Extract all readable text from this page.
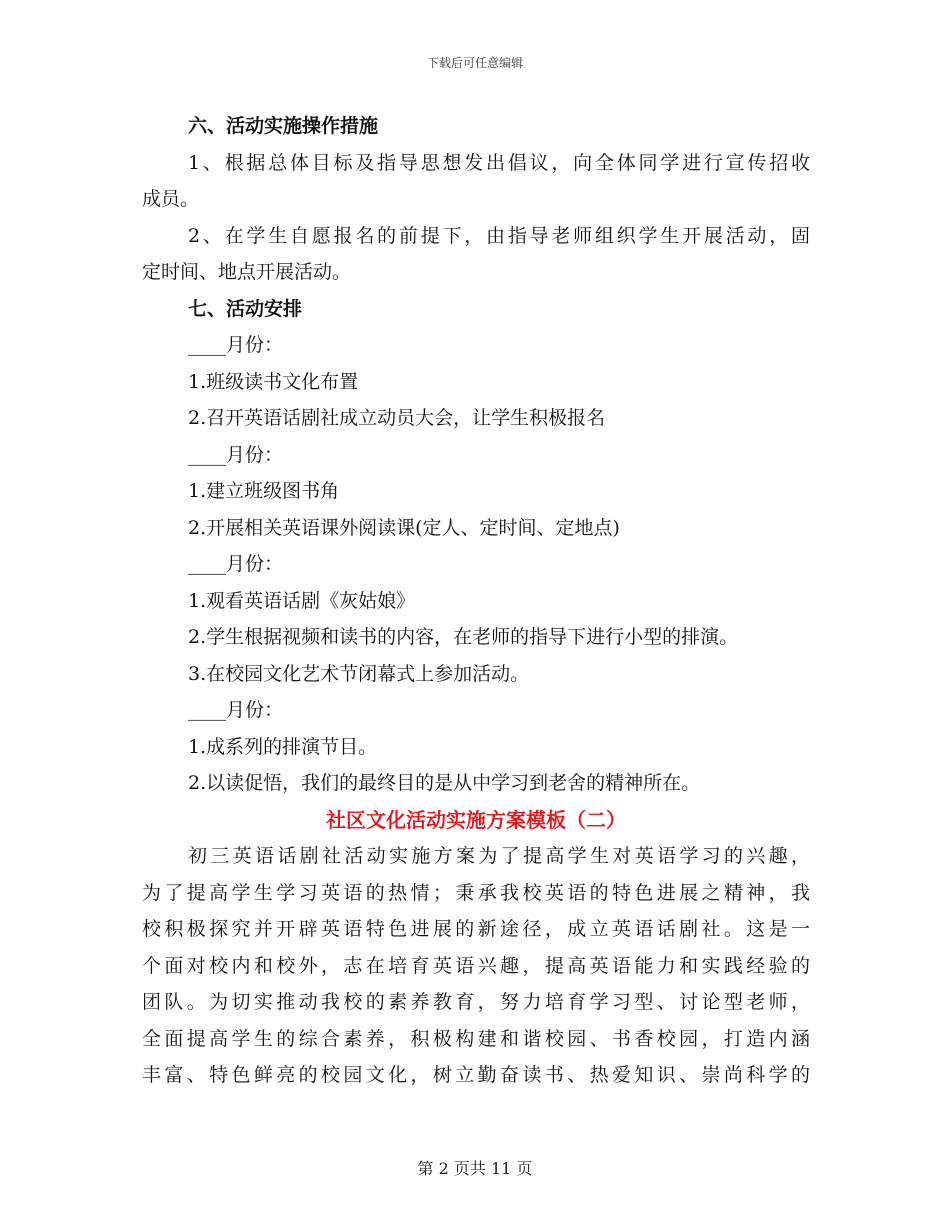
下载后可任意编辑
六、活动实施操作措施
1、根据总体目标及指导思想发出倡议，向全体同学进行宣传招收
成员。
2、在学生自愿报名的前提下，由指导老师组织学生开展活动，固
定时间、地点开展活动。
七、活动安排
____月份：
1.班级读书文化布置
2.召开英语话剧社成立动员大会，让学生积极报名
____月份：
1.建立班级图书角
2.开展相关英语课外阅读课(定人、定时间、定地点)
____月份：
1.观看英语话剧《灰姑娘》
2.学生根据视频和读书的内容，在老师的指导下进行小型的排演。
3.在校园文化艺术节闭幕式上参加活动。
____月份：
1.成系列的排演节目。
2.以读促悟，我们的最终目的是从中学习到老舍的精神所在。
社区文化活动实施方案模板（二）
初三英语话剧社活动实施方案为了提高学生对英语学习的兴趣，
为了提高学生学习英语的热情；秉承我校英语的特色进展之精神，我
校积极探究并开辟英语特色进展的新途径，成立英语话剧社。这是一
个面对校内和校外，志在培育英语兴趣，提高英语能力和实践经验的
团队。为切实推动我校的素养教育，努力培育学习型、讨论型老师，
全面提高学生的综合素养，积极构建和谐校园、书香校园，打造内涵
丰富、特色鲜亮的校园文化，树立勤奋读书、热爱知识、崇尚科学的
第 2 页共 11 页
